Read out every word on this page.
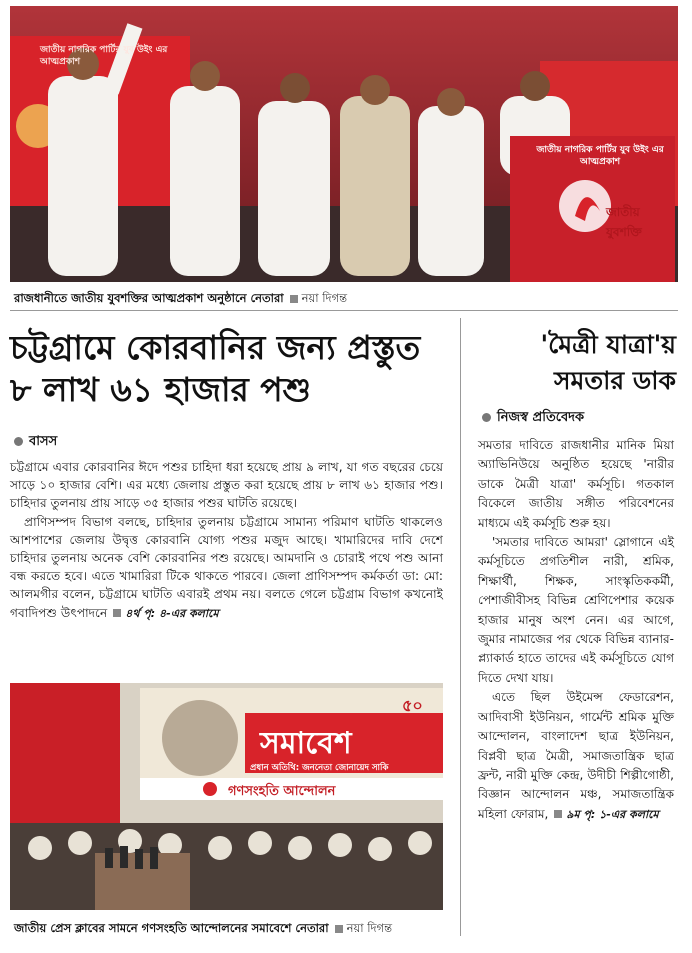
জাতীয় নাগরিক পার্টির যুব উইং এর আত্মপ্রকাশ
জাতীয় যুবশক্তি
জাতীয় নাগরিক পার্টির যুব উইং এর আত্মপ্রকাশ
রাজধানীতে জাতীয় যুবশক্তির আত্মপ্রকাশ অনুষ্ঠানে নেতারা নয়া দিগন্ত
চট্টগ্রামে কোরবানির জন্য প্রস্তুত
৮ লাখ ৬১ হাজার পশু
বাসস

চট্টগ্রামে এবার কোরবানির ঈদে পশুর চাহিদা ধরা হয়েছে প্রায় ৯ লাখ, যা গত বছরের চেয়ে সাড়ে ১০ হাজার বেশি। এর মধ্যে জেলায় প্রস্তুত করা হয়েছে প্রায় ৮ লাখ ৬১ হাজার পশু। চাহিদার তুলনায় প্রায় সাড়ে ৩৫ হাজার পশুর ঘাটতি রয়েছে।

প্রাণিসম্পদ বিভাগ বলছে, চাহিদার তুলনায় চট্টগ্রামে সামান্য পরিমাণ ঘাটতি থাকলেও আশপাশের জেলায় উদ্বৃত্ত কোরবানি যোগ্য পশুর মজুদ আছে। খামারিদের দাবি দেশে চাহিদার তুলনায় অনেক বেশি কোরবানির পশু রয়েছে। আমদানি ও চোরাই পথে পশু আনা বন্ধ করতে হবে। এতে খামারিরা টিকে থাকতে পারবে। জেলা প্রাণিসম্পদ কর্মকর্তা ডা: মো: আলমগীর বলেন, চট্টগ্রামে ঘাটতি এবারই প্রথম নয়। বলতে গেলে চট্টগ্রাম বিভাগ কখনোই গবাদিপশু উৎপাদনে ৪র্থ পৃ: ৪-এর কলামে

সমাবেশ
প্রধান অতিথি: জননেতা জোনায়েদ সাকি
গণসংহতি আন্দোলন
৫০
জাতীয় প্রেস ক্লাবের সামনে গণসংহতি আন্দোলনের সমাবেশে নেতারা নয়া দিগন্ত
'মৈত্রী যাত্রা'য়
সমতার ডাক
নিজস্ব প্রতিবেদক

সমতার দাবিতে রাজধানীর মানিক মিয়া অ্যাভিনিউয়ে অনুষ্ঠিত হয়েছে 'নারীর ডাকে মৈত্রী যাত্রা' কর্মসূচি। গতকাল বিকেলে জাতীয় সঙ্গীত পরিবেশনের মাধ্যমে এই কর্মসূচি শুরু হয়।

'সমতার দাবিতে আমরা' স্লোগানে এই কর্মসূচিতে প্রগতিশীল নারী, শ্রমিক, শিক্ষার্থী, শিক্ষক, সাংস্কৃতিককর্মী, পেশাজীবীসহ বিভিন্ন শ্রেণিপেশার কয়েক হাজার মানুষ অংশ নেন। এর আগে, জুমার নামাজের পর থেকে বিভিন্ন ব্যানার-প্ল্যাকার্ড হাতে তাদের এই কর্মসূচিতে যোগ দিতে দেখা যায়।

এতে ছিল উইমেন্স ফেডারেশন, আদিবাসী ইউনিয়ন, গার্মেন্ট শ্রমিক মুক্তি আন্দোলন, বাংলাদেশ ছাত্র ইউনিয়ন, বিপ্লবী ছাত্র মৈত্রী, সমাজতান্ত্রিক ছাত্র ফ্রন্ট, নারী মুক্তি কেন্দ্র, উদীচী শিল্পীগোষ্ঠী, বিজ্ঞান আন্দোলন মঞ্চ, সমাজতান্ত্রিক মহিলা ফোরাম, ৯ম পৃ: ১-এর কলামে
